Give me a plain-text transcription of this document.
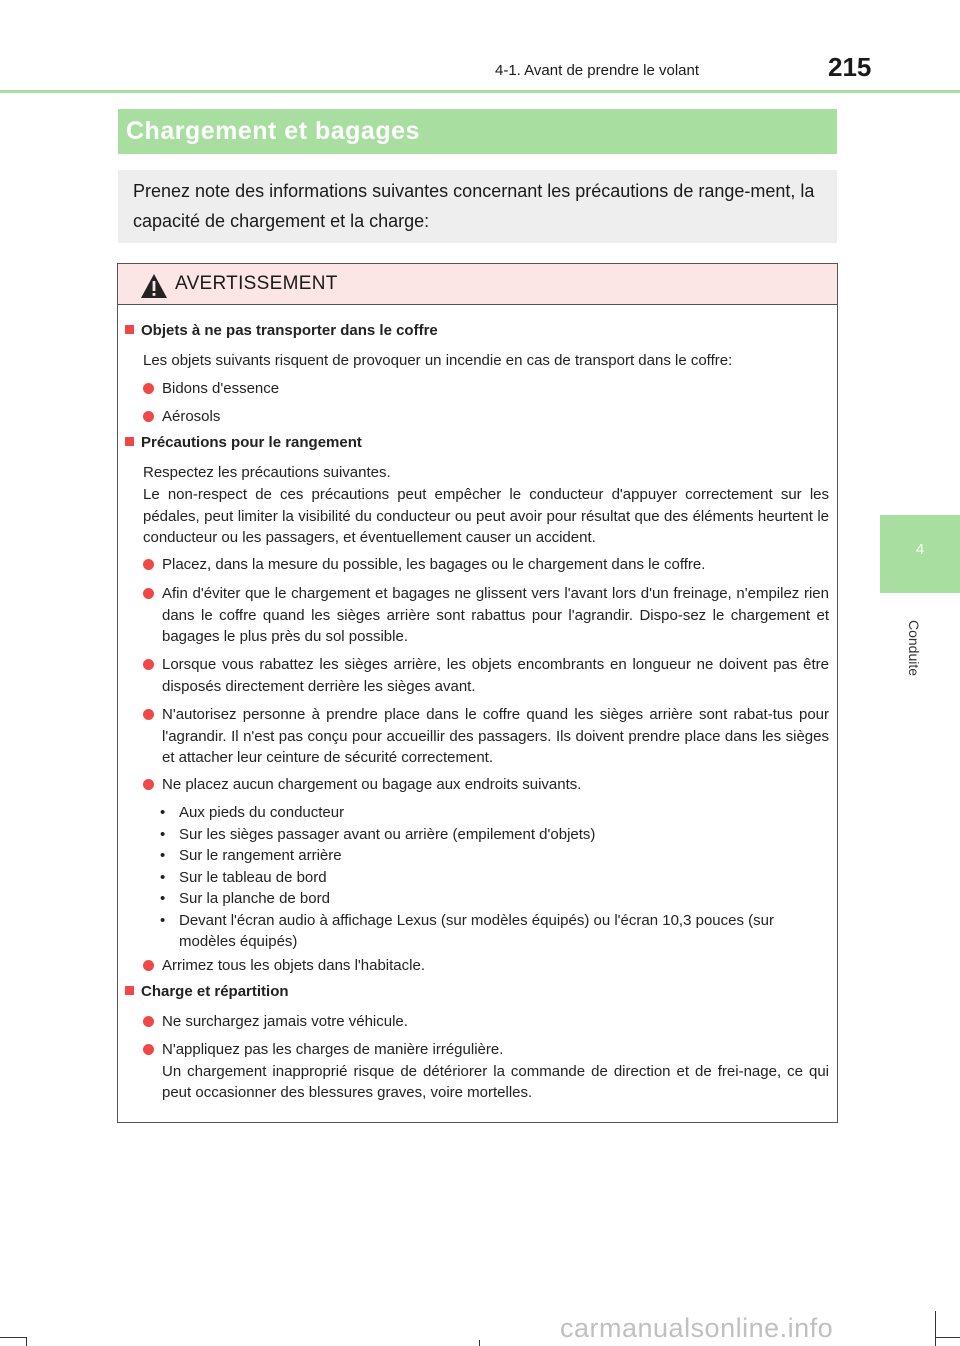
4-1. Avant de prendre le volant	215
Chargement et bagages
Prenez note des informations suivantes concernant les précautions de range-ment, la capacité de chargement et la charge:
AVERTISSEMENT
Objets à ne pas transporter dans le coffre
Les objets suivants risquent de provoquer un incendie en cas de transport dans le coffre:
Bidons d'essence
Aérosols
Précautions pour le rangement
Respectez les précautions suivantes.
Le non-respect de ces précautions peut empêcher le conducteur d'appuyer correctement sur les pédales, peut limiter la visibilité du conducteur ou peut avoir pour résultat que des éléments heurtent le conducteur ou les passagers, et éventuellement causer un accident.
Placez, dans la mesure du possible, les bagages ou le chargement dans le coffre.
Afin d'éviter que le chargement et bagages ne glissent vers l'avant lors d'un freinage, n'empilez rien dans le coffre quand les sièges arrière sont rabattus pour l'agrandir. Dispo-sez le chargement et bagages le plus près du sol possible.
Lorsque vous rabattez les sièges arrière, les objets encombrants en longueur ne doivent pas être disposés directement derrière les sièges avant.
N'autorisez personne à prendre place dans le coffre quand les sièges arrière sont rabat-tus pour l'agrandir. Il n'est pas conçu pour accueillir des passagers. Ils doivent prendre place dans les sièges et attacher leur ceinture de sécurité correctement.
Ne placez aucun chargement ou bagage aux endroits suivants.
• Aux pieds du conducteur
• Sur les sièges passager avant ou arrière (empilement d'objets)
• Sur le rangement arrière
• Sur le tableau de bord
• Sur la planche de bord
• Devant l'écran audio à affichage Lexus (sur modèles équipés) ou l'écran 10,3 pouces (sur modèles équipés)
Arrimez tous les objets dans l'habitacle.
Charge et répartition
Ne surchargez jamais votre véhicule.
N'appliquez pas les charges de manière irrégulière.
Un chargement inapproprié risque de détériorer la commande de direction et de frei-nage, ce qui peut occasionner des blessures graves, voire mortelles.
4
Conduite
carmanualsonline.info
